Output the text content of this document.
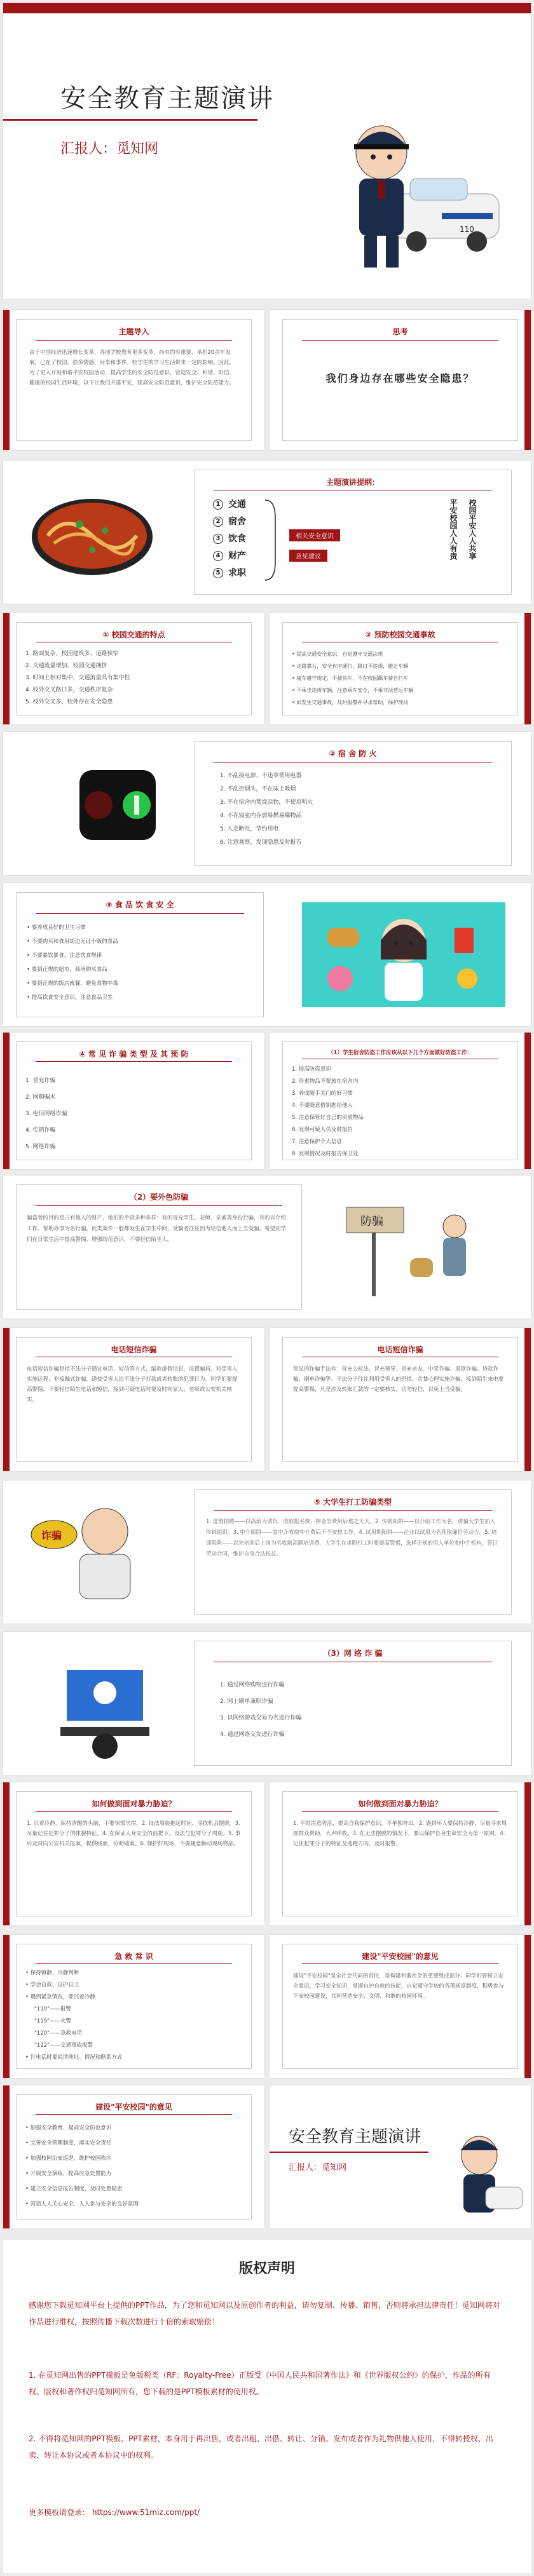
安全教育主题演讲
汇报人：觅知网
110
主题导入
由于中国经济迅速增长变革，各地学校教育更多变革，尚有约有重要，承担20余年发展，已在了校园，很多情感，问事和事件。校学生的学习生活带来一定的影响。因此，为了更入开展和谐平安校园活动，提高学生的安全防范意识，营造安全、和谐、阳信，健康的校园生活环境，以下让我们共建平安，提高安全防范意识，维护安全防范能力。
思考
我们身边存在哪些安全隐患？
主题演讲提纲：
1 交通
2 宿舍
3 饮食
4 财产
5 求职
相关安全意识
意见建议	平安校园人人有责 校园平安人人共享
① 校园交通的特点
1. 路面复杂、校园建筑多、道路狭窄
2. 交通流量增加、校园交通拥挤
3. 时间上相对集中，交通流量具有集中性
4. 校外交叉路口多，交通秩序复杂
5. 校外交叉多，校外存在安全隐患
② 预防校园交通事故
• 提高交通安全意识，自觉遵守交通法规
• 走路靠右，安全有序通行，路口不违规，避让车辆
• 骑车遵守规定，不骑快车，不在校园飙车骑自行车
• 不乘坐违规车辆，注意乘车安全，不乘非法营运车辆
• 如发生交通事故，及时报警并寻求帮助，保护现场
② 宿 舍 防 火
1. 不乱接电源、不违章使用电器
2. 不乱扔烟头，不在床上吸烟
3. 不在宿舍内焚烧杂物，不使用明火
4. 不在寝室内存放易燃易爆物品
5. 人走断电，节约用电
6. 注意观察，发现隐患及时报告
③ 食 品 饮 食 安 全
• 要养成良好的卫生习惯
• 不要购买和食用街边无证小贩的食品
• 不要暴饮暴食，注意饮食规律
• 要到正规的超市，商场购买食品
• 要到正规的饭店就餐，避免食物中毒
• 提高饮食安全意识，注意食品卫生
④ 常 见 诈 骗 类 型 及 其 预 防
1. 冒充诈骗
2. 网购骗术
3. 电信网络诈骗
4. 传销诈骗
5. 网络诈骗
（1）学生宿舍防盗工作应该从以下几个方面做好防盗工作：
1. 提高防盗意识
2. 贵重物品不要放在宿舍内
3. 养成随手关门的好习惯
4. 不要随意借钥匙给他人
5. 注意保管好自己的贵重物品
6. 发现可疑人员及时报告
7. 注意保护个人信息
8. 发现情况及时报告保卫处
（2）要外色防骗
骗盗者的目的是占有他人的财产，他们的手段多种多样：有的冒充学生、老师、亲戚等身份行骗，有的以介绍工作、帮助办事为名行骗。此类案件一般都发生在学生中间，受骗者往往因为轻信他人而上当受骗。希望同学们在日常生活中提高警惕，增强防范意识，不要轻信陌生人。
防骗
电话短信诈骗
电话短信诈骗是指不法分子通过电话、短信等方式，编造虚假信息，设置骗局，对受害人实施远程、非接触式诈骗，诱使受害人给不法分子打款或者转账的犯罪行为。同学们要提高警惕，不要轻信陌生电话和短信，接到可疑电话时要及时向家人、老师或公安机关核实。
电话短信诈骗
常见的诈骗手法有：冒充公检法、冒充领导、冒充亲友、中奖诈骗、退款诈骗、贷款诈骗、刷单诈骗等。不法分子往往利用受害人的恐惧、贪婪心理实施诈骗。接到陌生来电要提高警惕，凡是涉及转账汇款的一定要核实，切勿轻信，以免上当受骗。
诈骗
⑤ 大学生打工防骗类型
1. 虚假招聘——以高薪为诱饵，收取报名费、押金等费用后逃之夭夭。2. 传销陷阱——以介绍工作为名，诱骗大学生加入传销组织。3. 中介陷阱——黑中介收取中介费后不予安排工作。4. 试用期陷阱——企业以试用为名获取廉价劳动力。5. 培训陷阱——以先培训后上岗为名收取高额培训费。大学生在求职打工时要提高警惕，选择正规的用人单位和中介机构，签订劳动合同，维护自身合法权益。
（3）网 络 诈 骗
1. 通过网络购物进行诈骗
2. 网上刷单兼职诈骗
3. 以网络游戏交易为名进行诈骗
4. 通过网络交友进行诈骗
如何做到面对暴力胁迫？
1. 沉着冷静，保持清醒的头脑，不要惊慌失措。2. 设法周旋拖延时间，寻找机会摆脱。3. 尽量记住犯罪分子的体貌特征。4. 在保证人身安全的前提下，设法与犯罪分子周旋。5. 事后及时向公安机关报案，提供线索，协助破案。6. 保护好现场，不要随意触动现场物品。
如何做到面对暴力胁迫？
1. 平时注意防范，提高自我保护意识，不单独外出。2. 遇到坏人要保持冷静，尽量寻求周围群众帮助，大声呼救。3. 在无法摆脱的情况下，要以保护自身生命安全为第一原则。4. 记住犯罪分子的特征及逃跑方向，及时报警。
急 救 常 识
• 保持镇静，冷静判断
• 学会自救、自护自卫
• 遇到紧急情况，要沉着冷静
"110"——报警
"119"——火警
"120"——急救电话
"122"——交通事故报警
• 打电话时要说清地址、情况和联系方式
建设"平安校园"的意见
建设"平安校园"是全社会共同的责任，是构建和谐社会的重要组成部分。同学们要树立安全意识，学习安全知识，掌握自护自救的技能，自觉遵守学校的各项规章制度，积极参与平安校园建设，共同营造安全、文明、和谐的校园环境。
建设"平安校园"的意见
• 加强安全教育，提高安全防范意识
• 完善安全管理制度，落实安全责任
• 加强校园治安巡逻，维护校园秩序
• 开展安全演练，提高应急处置能力
• 建立安全信息报告制度，及时处置隐患
• 营造人人关心安全、人人参与安全的良好氛围
安全教育主题演讲
汇报人：觅知网
版权声明
感谢您下载觅知网平台上提供的PPT作品，为了您和觅知网以及原创作者的利益，请勿复制、传播、销售，否则将承担法律责任！觅知网将对作品进行维权，按照传播下载次数进行十倍的索取赔偿！
1. 在觅知网出售的PPT模板是免版税类（RF：Royalty-Free）正版受《中国人民共和国著作法》和《世界版权公约》的保护，作品的所有权、版权和著作权归觅知网所有，您下载的是PPT模板素材的使用权。
2. 不得将觅知网的PPT模板、PPT素材，本身用于再出售，或者出租、出借、转让、分销、发布或者作为礼物供他人使用，不得转授权、出卖、转让本协议或者本协议中的权利。
更多模板请登录： https://www.51miz.com/ppt/
